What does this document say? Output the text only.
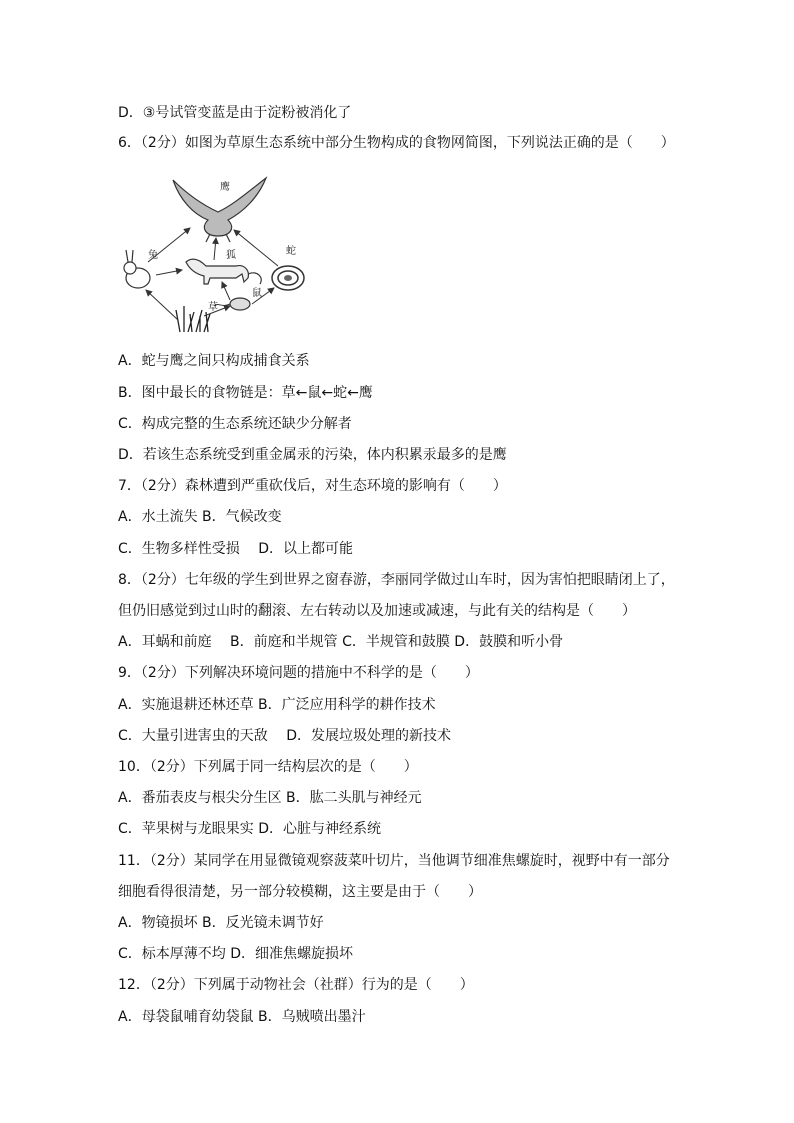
D．③号试管变蓝是由于淀粉被消化了

6．（2分）如图为草原生态系统中部分生物构成的食物网简图，下列说法正确的是（　　）

鹰
狐
兔	蛇
鼠
草

A．蛇与鹰之间只构成捕食关系

B．图中最长的食物链是：草←鼠←蛇←鹰

C．构成完整的生态系统还缺少分解者

D．若该生态系统受到重金属汞的污染，体内积累汞最多的是鹰

7．（2分）森林遭到严重砍伐后，对生态环境的影响有（　　）

A．水土流失 B．气候改变

C．生物多样性受损　 D．以上都可能

8．（2分）七年级的学生到世界之窗春游，李丽同学做过山车时，因为害怕把眼睛闭上了，

但仍旧感觉到过山时的翻滚、左右转动以及加速或减速，与此有关的结构是（　　）

A．耳蜗和前庭　 B．前庭和半规管 C．半规管和鼓膜 D．鼓膜和听小骨

9．（2分）下列解决环境问题的措施中不科学的是（　　）

A．实施退耕还林还草 B．广泛应用科学的耕作技术

C．大量引进害虫的天敌　 D．发展垃圾处理的新技术

10．（2分）下列属于同一结构层次的是（　　）

A．番茄表皮与根尖分生区 B．肱二头肌与神经元

C．苹果树与龙眼果实 D．心脏与神经系统

11．（2分）某同学在用显微镜观察菠菜叶切片，当他调节细准焦螺旋时，视野中有一部分

细胞看得很清楚，另一部分较模糊，这主要是由于（　　）

A．物镜损坏 B．反光镜未调节好

C．标本厚薄不均 D．细准焦螺旋损坏

12．（2分）下列属于动物社会（社群）行为的是（　　）

A．母袋鼠哺育幼袋鼠 B．乌贼喷出墨汁
